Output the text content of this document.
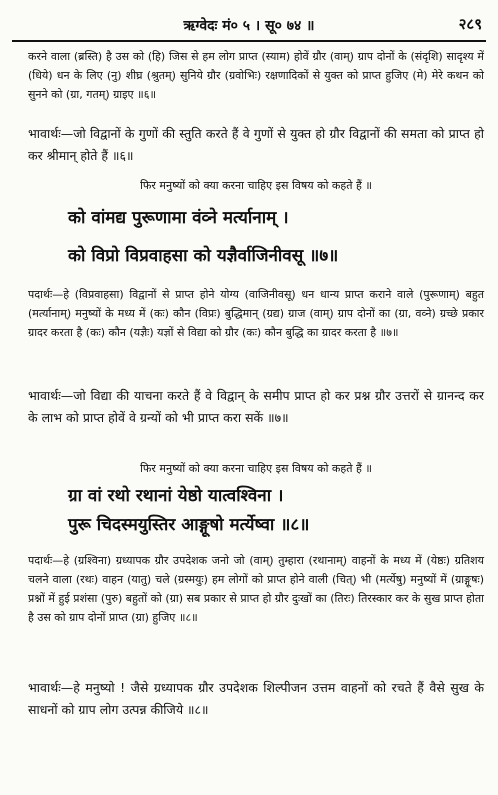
ऋग्वेदः मं० ५ । सू० ७४ ॥	२८९
करने वाला (ब्रस्ति) है उस को (हि) जिस से हम लोग प्राप्त (स्याम) होवें ग्रौर (वाम्) ग्राप दोनों के (संदृशि) सादृश्य में (धिये) धन के लिए (नु) शीघ्र (श्रुतम्) सुनिये ग्रौर (ग्रवोभिः) रक्षणादिकों से युक्त को प्राप्त हुजिए (मे) मेरे कथन को सुनने को (ग्रा, गतम्) ग्राइए ॥६॥
भावार्थः—जो विद्वानों के गुणों की स्तुति करते हैं वे गुणों से युक्त हो ग्रौर विद्वानों की समता को प्राप्त हो कर श्रीमान् होते हैं ॥६॥
फिर मनुष्यों को क्या करना चाहिए इस विषय को कहते हैं ॥
को वांमद्य पुरूणामा वंव्ने मर्त्यानाम् ।
को विप्रो विप्रवाहसा को यज्ञैर्वाजिनीवसू ॥७॥
पदार्थः—हे (विप्रवाहसा) विद्वानों से प्राप्त होने योग्य (वाजिनीवसू) धन धान्य प्राप्त कराने वाले (पुरूणाम्) बहुत (मर्त्यानाम्) मनुष्यों के मध्य में (कः) कौन (विप्रः) बुद्धिमान् (ग्रद्य) ग्राज (वाम्) ग्राप दोनों का (ग्रा, वव्ने) ग्रच्छे प्रकार ग्रादर करता है (कः) कौन (यज्ञैः) यज्ञों से विद्या को ग्रौर (कः) कौन बुद्धि का ग्रादर करता है ॥७॥
भावार्थः—जो विद्या की याचना करते हैं वे विद्वान् के समीप प्राप्त हो कर प्रश्न ग्रौर उत्तरों से ग्रानन्द कर के लाभ को प्राप्त होवें वे ग्रन्यों को भी प्राप्त करा सकें ॥७॥
फिर मनुष्यों को क्या करना चाहिए इस विषय को कहते हैं ॥
ग्रा वां रथो रथानां येष्ठो यात्वश्विना ।
पुरू चिदस्मयुस्तिर आङ्गूषो मर्त्येष्वा ॥८॥
पदार्थः—हे (ग्रश्विना) ग्रध्यापक ग्रौर उपदेशक जनो जो (वाम्) तुम्हारा (रथानाम्) वाहनों के मध्य में (येष्ठः) ग्रतिशय चलने वाला (रथः) वाहन (यातु) चले (ग्रस्मयुः) हम लोगों को प्राप्त होने वाली (चित्) भी (मर्त्येषु) मनुष्यों में (ग्राङ्गूषः) प्रश्नों में हुई प्रशंसा (पुरु) बहुतों को (ग्रा) सब प्रकार से प्राप्त हो ग्रौर दुःखों का (तिरः) तिरस्कार कर के सुख प्राप्त होता है उस को ग्राप दोनों प्राप्त (ग्रा) हुजिए ॥८॥
भावार्थः—हे मनुष्यो ! जैसे ग्रध्यापक ग्रौर उपदेशक शिल्पीजन उत्तम वाहनों को रचते हैं वैसे सुख के साधनों को ग्राप लोग उत्पन्न कीजिये ॥८॥
